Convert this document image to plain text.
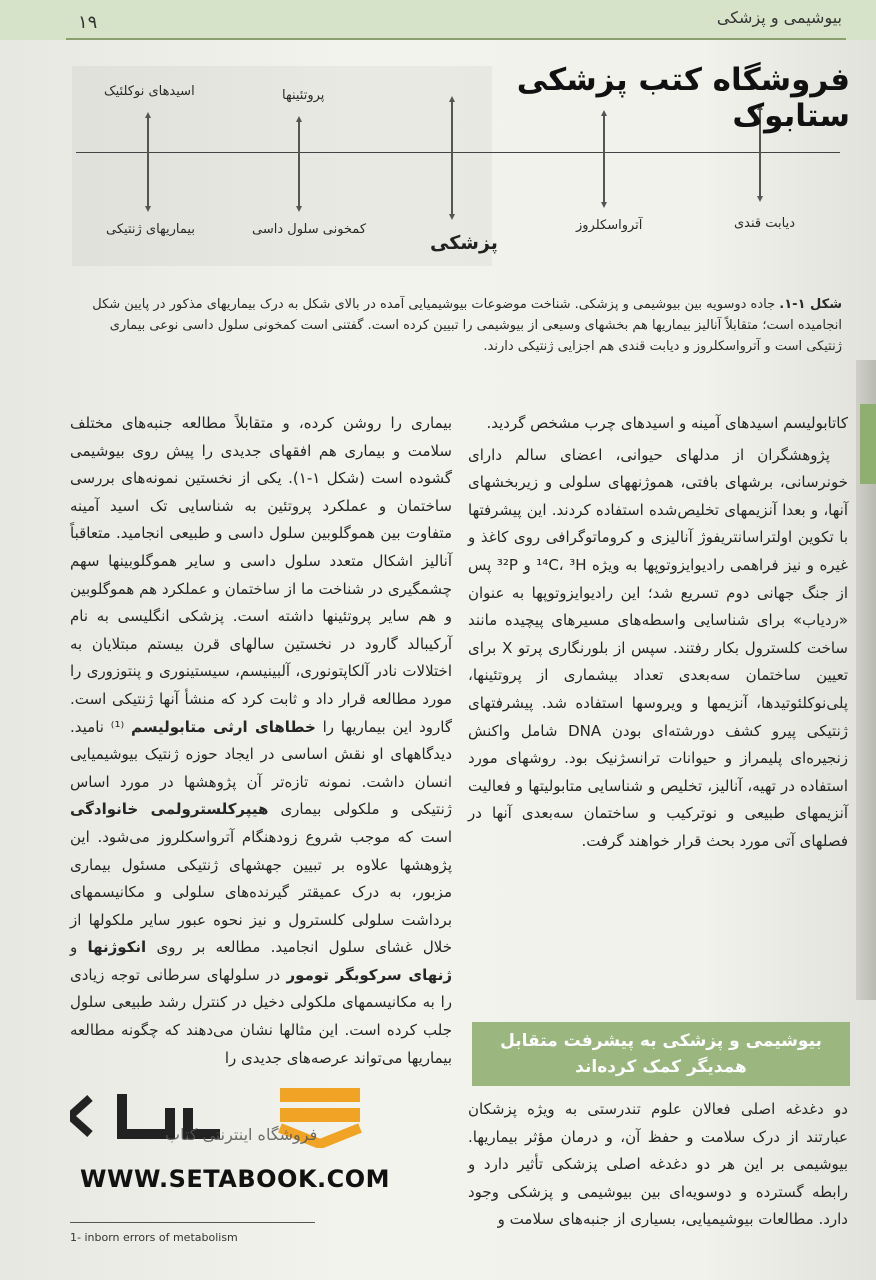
بیوشیمی و پزشکی
۱۹
اسیدهای نوکلئیک	پروتئینها
بیماریهای ژنتیکی	کمخونی سلول داسی	آترواسکلروز	دیابت قندی
پزشکی
فروشگاه کتب پزشکی ستابوک
شکل ۱-۱. جاده دوسویه بین بیوشیمی و پزشکی. شناخت موضوعات بیوشیمیایی آمده در بالای شکل به درک بیماریهای مذکور در پایین شکل انجامیده است؛ متقابلاً آنالیز بیماریها هم بخشهای وسیعی از بیوشیمی را تبیین کرده است. گفتنی است کمخونی سلول داسی نوعی بیماری ژنتیکی است و آترواسکلروز و دیابت قندی هم اجزایی ژنتیکی دارند.

کاتابولیسم اسیدهای آمینه و اسیدهای چرب مشخص گردید.

پژوهشگران از مدلهای حیوانی، اعضای سالم دارای خونرسانی، برشهای بافتی، هموژنههای سلولی و زیربخشهای آنها، و بعدا آنزیمهای تخلیص‌شده استفاده کردند. این پیشرفتها با تکوین اولتراسانتریفوژ آنالیزی و کروماتوگرافی روی کاغذ و غیره و نیز فراهمی رادیوایزوتوپها به ویژه ¹⁴C، ³H و ³²P پس از جنگ جهانی دوم تسریع شد؛ این رادیوایزوتوپها به عنوان «ردیاب» برای شناسایی واسطه‌های مسیرهای پیچیده مانند ساخت کلسترول بکار رفتند. سپس از بلورنگاری پرتو X برای تعیین ساختمان سه‌بعدی تعداد بیشماری از پروتئینها، پلی‌نوکلئوتیدها، آنزیمها و ویروسها استفاده شد. پیشرفتهای ژنتیکی پیرو کشف دورشته‌ای بودن DNA شامل واکنش زنجیره‌ای پلیمراز و حیوانات ترانسژنیک بود. روشهای مورد استفاده در تهیه، آنالیز، تخلیص و شناسایی متابولیتها و فعالیت آنزیمهای طبیعی و نوترکیب و ساختمان سه‌بعدی آنها در فصلهای آتی مورد بحث قرار خواهند گرفت.

بیوشیمی و پزشکی به پیشرفت متقابل همدیگر کمک کرده‌اند

دو دغدغه اصلی فعالان علوم تندرستی به ویژه پزشکان عبارتند از درک سلامت و حفظ آن، و درمان مؤثر بیماریها. بیوشیمی بر این هر دو دغدغه اصلی پزشکی تأثیر دارد و رابطه گسترده و دوسویه‌ای بین بیوشیمی و پزشکی وجود دارد. مطالعات بیوشیمیایی، بسیاری از جنبه‌های سلامت و

بیماری را روشن کرده، و متقابلاً مطالعه جنبه‌های مختلف سلامت و بیماری هم افقهای جدیدی را پیش روی بیوشیمی گشوده است (شکل ۱-۱). یکی از نخستین نمونه‌های بررسی ساختمان و عملکرد پروتئین به شناسایی تک اسید آمینه متفاوت بین هموگلوبین سلول داسی و طبیعی انجامید. متعاقباً آنالیز اشکال متعدد سلول داسی و سایر هموگلوبینها سهم چشمگیری در شناخت ما از ساختمان و عملکرد هم هموگلوبین و هم سایر پروتئینها داشته است. پزشکی انگلیسی به نام آرکیبالد گارود در نخستین سالهای قرن بیستم مبتلایان به اختلالات نادر آلکاپتونوری، آلبینیسم، سیستینوری و پنتوزوری را مورد مطالعه قرار داد و ثابت کرد که منشأ آنها ژنتیکی است. گارود این بیماریها را خطاهای ارثی متابولیسم ⁽¹⁾ نامید. دیدگاههای او نقش اساسی در ایجاد حوزه ژنتیک بیوشیمیایی انسان داشت. نمونه تازه‌تر آن پژوهشها در مورد اساس ژنتیکی و ملکولی بیماری هیپرکلسترولمی خانوادگی است که موجب شروع زودهنگام آترواسکلروز می‌شود. این پژوهشها علاوه بر تبیین جهشهای ژنتیکی مسئول بیماری مزبور، به درک عمیقتر گیرنده‌های سلولی و مکانیسمهای برداشت سلولی کلسترول و نیز نحوه عبور سایر ملکولها از خلال غشای سلول انجامید. مطالعه بر روی انکوژنها و ژنهای سرکوبگر تومور در سلولهای سرطانی توجه زیادی را به مکانیسمهای ملکولی دخیل در کنترل رشد طبیعی سلول جلب کرده است. این مثالها نشان می‌دهند که چگونه مطالعه بیماریها می‌تواند عرصه‌های جدیدی را

فروشگاه اینترنتی کتاب
WWW.SETABOOK.COM
1- inborn errors of metabolism
